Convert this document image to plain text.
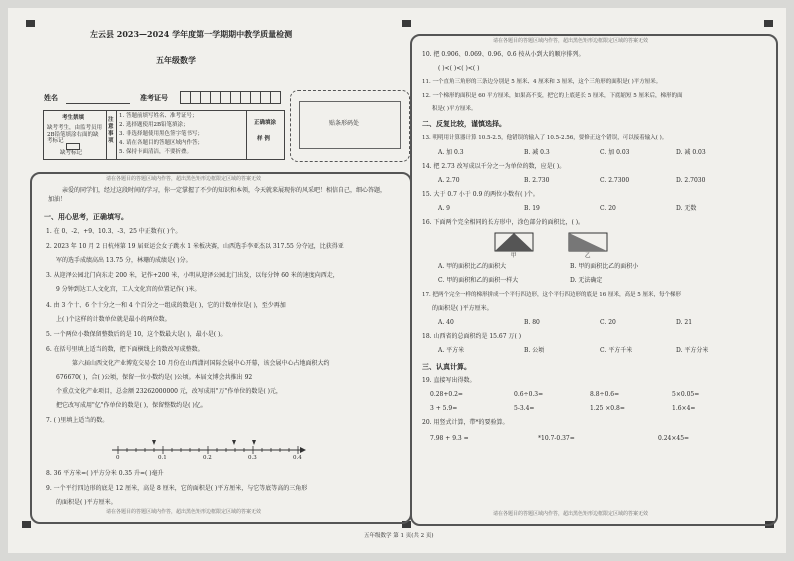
左云县 2023—2024 学年度第一学期期中教学质量检测
五年级数学
姓名	准考证号
考生禁填
缺考考生，由监考员用2B铅笔填涂右面的缺考标记
缺考标记
注意事项
1. 答题前填写姓名、准考证号；
2. 选择题使用2B铅笔填涂；
3. 非选择题使用黑色签字笔书写；
4. 请在各题目的答题区域内作答；
5. 保持卡面清洁，不要折叠。
正确填涂
样 例
贴条形码处
请在各题目的答题区域内作答，超出黑色矩形边框限定区域的答案无效
请在各题目的答题区域内作答，超出黑色矩形边框限定区域的答案无效
亲爱的同学们，经过这段时间的学习，你一定掌握了不少的知识和本领，今天就来展现你的风采吧！相信自己，细心答题，加油！
一、用心思考，正确填写。
1. 在 0、-2、+9、10.3、-3、25 中正数有( )个。
2. 2023 年 10 月 2 日杭州第 19 届亚运会女子跳水 1 米板决赛，山西选手李亚杰以 317.55 分夺冠，比获得亚
军的选手成绩高出 13.75 分，林珊的成绩是( )分。
3. 从迎泽公园北门向东走 200 米，记作+200 米，小明从迎泽公园北门出发，以每分钟 60 米的速度向西走，
9 分钟到达工人文化宫，工人文化宫的位置记作( )米。
4. 由 3 个十、6 个十分之一和 4 个百分之一组成的数是( )，它的计数单位是( )，至少再加
上( )个这样的计数单位就是最小的两位数。
5. 一个两位小数保留整数后的是 10，这个数最大是( )，最小是( )。
6. 在括号里填上适当的数，把下面横线上的数改写成整数。
第六届山西文化产业博览交易会 10 月份在山西潇河国际会展中心开幕，该会展中心占地面积大约
676670( )，合( )公顷，保留一位小数约是( )公顷。本届文博会共推出 92
个重点文化产业项目，总金额 23262000000 元，改写成用"万"作单位的数是( )元，
把它改写成用"亿"作单位的数是( )，保留整数约是( )亿。
7. ( )里填上适当的数。
0	0.1	0.2	0.3	0.4
8. 36 平方米=( )平方分米 0.35 升=( )毫升
9. 一个平行四边形的底是 12 厘米，高是 8 厘米，它的面积是( )平方厘米，与它等底等高的三角形
的面积是( )平方厘米。
请在各题目的答题区域内作答，超出黑色矩形边框限定区域的答案无效
请在各题目的答题区域内作答，超出黑色矩形边框限定区域的答案无效
10. 把 0.906、0.069、0.96、0.6 按从小到大的顺序排列。
( )<( )<( )<( )
11. 一个直角三角形的三条边分别是 5 厘米、4 厘米和 3 厘米，这个三角形的面积是( )平方厘米。
12. 一个梯形的面积是 60 平方厘米，如果高不变，把它的上底延长 5 厘米，下底缩短 5 厘米后，梯形的面
积是( )平方厘米。
二、反复比较，谨慎选择。
13. 明明用计算器计算 10.5-2.5，他错误的输入了 10.5-2.56，要修正这个错误，可以接着输入( )。
A. 加 0.3	B. 减 0.3	C. 加 0.03	D. 减 0.03
14. 把 2.73 改写成以千分之一为单位的数，应是( )。
A. 2.70	B. 2.730	C. 2.7300	D. 2.7030
15. 大于 0.7 小于 0.9 的两位小数有( )个。
A. 9	B. 19	C. 20	D. 无数
16. 下面两个完全相同的长方形中，涂色部分的面积比，( )。
甲	乙
A. 甲的面积比乙的面积大	B. 甲的面积比乙的面积小
C. 甲的面积和乙的面积一样大	D. 无法确定
17. 把两个完全一样的梯形拼成一个平行四边形，这个平行四边形的底是 16 厘米，高是 5 厘米，每个梯形
的面积是( )平方厘米。
A. 40	B. 80	C. 20	D. 21
18. 山西省的总面积约是 15.67 万( )
A. 平方米	B. 公顷	C. 平方千米	D. 平方分米
三、认真计算。
19. 直接写出得数。
0.28+0.2=	0.6÷0.3=	8.8÷0.6=	5×0.05=
3 + 5.9=	5-3.4=	1.25 ×0.8=	1.6×4=
20. 用竖式计算，带*的要验算。
7.98 + 9.3 =	*10.7-0.37=	0.24×45=
五年级数学 第 1 页(共 2 页)
